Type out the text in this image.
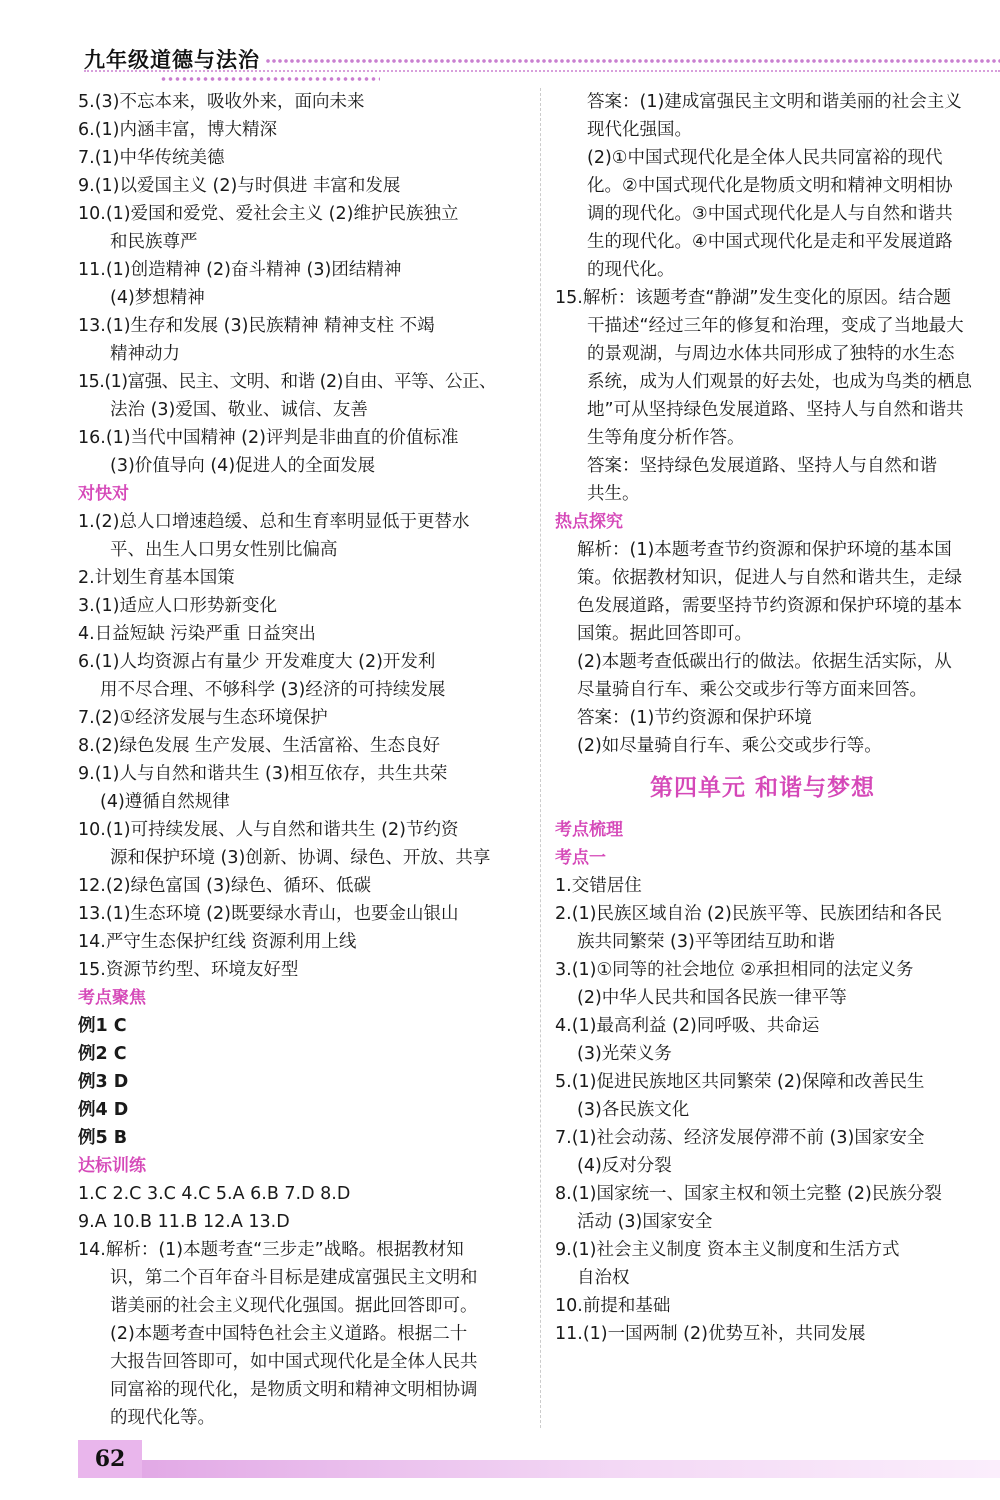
九年级道德与法治
5.(3)不忘本来，吸收外来，面向未来
6.(1)内涵丰富，博大精深
7.(1)中华传统美德
9.(1)以爱国主义 (2)与时俱进 丰富和发展
10.(1)爱国和爱党、爱社会主义 (2)维护民族独立
和民族尊严
11.(1)创造精神 (2)奋斗精神 (3)团结精神
(4)梦想精神
13.(1)生存和发展 (3)民族精神 精神支柱 不竭
精神动力
15.(1)富强、民主、文明、和谐 (2)自由、平等、公正、
法治 (3)爱国、敬业、诚信、友善
16.(1)当代中国精神 (2)评判是非曲直的价值标准
(3)价值导向 (4)促进人的全面发展
对快对
1.(2)总人口增速趋缓、总和生育率明显低于更替水
平、出生人口男女性别比偏高
2.计划生育基本国策
3.(1)适应人口形势新变化
4.日益短缺 污染严重 日益突出
6.(1)人均资源占有量少 开发难度大 (2)开发利
用不尽合理、不够科学 (3)经济的可持续发展
7.(2)①经济发展与生态环境保护
8.(2)绿色发展 生产发展、生活富裕、生态良好
9.(1)人与自然和谐共生 (3)相互依存，共生共荣
(4)遵循自然规律
10.(1)可持续发展、人与自然和谐共生 (2)节约资
源和保护环境 (3)创新、协调、绿色、开放、共享
12.(2)绿色富国 (3)绿色、循环、低碳
13.(1)生态环境 (2)既要绿水青山，也要金山银山
14.严守生态保护红线 资源利用上线
15.资源节约型、环境友好型
考点聚焦
例1 C
例2 C
例3 D
例4 D
例5 B
达标训练
1.C 2.C 3.C 4.C 5.A 6.B 7.D 8.D
9.A 10.B 11.B 12.A 13.D
14.解析：(1)本题考查“三步走”战略。根据教材知
识，第二个百年奋斗目标是建成富强民主文明和
谐美丽的社会主义现代化强国。据此回答即可。
(2)本题考查中国特色社会主义道路。根据二十
大报告回答即可，如中国式现代化是全体人民共
同富裕的现代化，是物质文明和精神文明相协调
的现代化等。
答案：(1)建成富强民主文明和谐美丽的社会主义
现代化强国。
(2)①中国式现代化是全体人民共同富裕的现代
化。②中国式现代化是物质文明和精神文明相协
调的现代化。③中国式现代化是人与自然和谐共
生的现代化。④中国式现代化是走和平发展道路
的现代化。
15.解析：该题考查“静湖”发生变化的原因。结合题
干描述“经过三年的修复和治理，变成了当地最大
的景观湖，与周边水体共同形成了独特的水生态
系统，成为人们观景的好去处，也成为鸟类的栖息
地”可从坚持绿色发展道路、坚持人与自然和谐共
生等角度分析作答。
答案：坚持绿色发展道路、坚持人与自然和谐
共生。
热点探究
解析：(1)本题考查节约资源和保护环境的基本国
策。依据教材知识，促进人与自然和谐共生，走绿
色发展道路，需要坚持节约资源和保护环境的基本
国策。据此回答即可。
(2)本题考查低碳出行的做法。依据生活实际，从
尽量骑自行车、乘公交或步行等方面来回答。
答案：(1)节约资源和保护环境
(2)如尽量骑自行车、乘公交或步行等。
第四单元 和谐与梦想
考点梳理
考点一
1.交错居住
2.(1)民族区域自治 (2)民族平等、民族团结和各民
族共同繁荣 (3)平等团结互助和谐
3.(1)①同等的社会地位 ②承担相同的法定义务
(2)中华人民共和国各民族一律平等
4.(1)最高利益 (2)同呼吸、共命运
(3)光荣义务
5.(1)促进民族地区共同繁荣 (2)保障和改善民生
(3)各民族文化
7.(1)社会动荡、经济发展停滞不前 (3)国家安全
(4)反对分裂
8.(1)国家统一、国家主权和领土完整 (2)民族分裂
活动 (3)国家安全
9.(1)社会主义制度 资本主义制度和生活方式
自治权
10.前提和基础
11.(1)一国两制 (2)优势互补，共同发展
62
